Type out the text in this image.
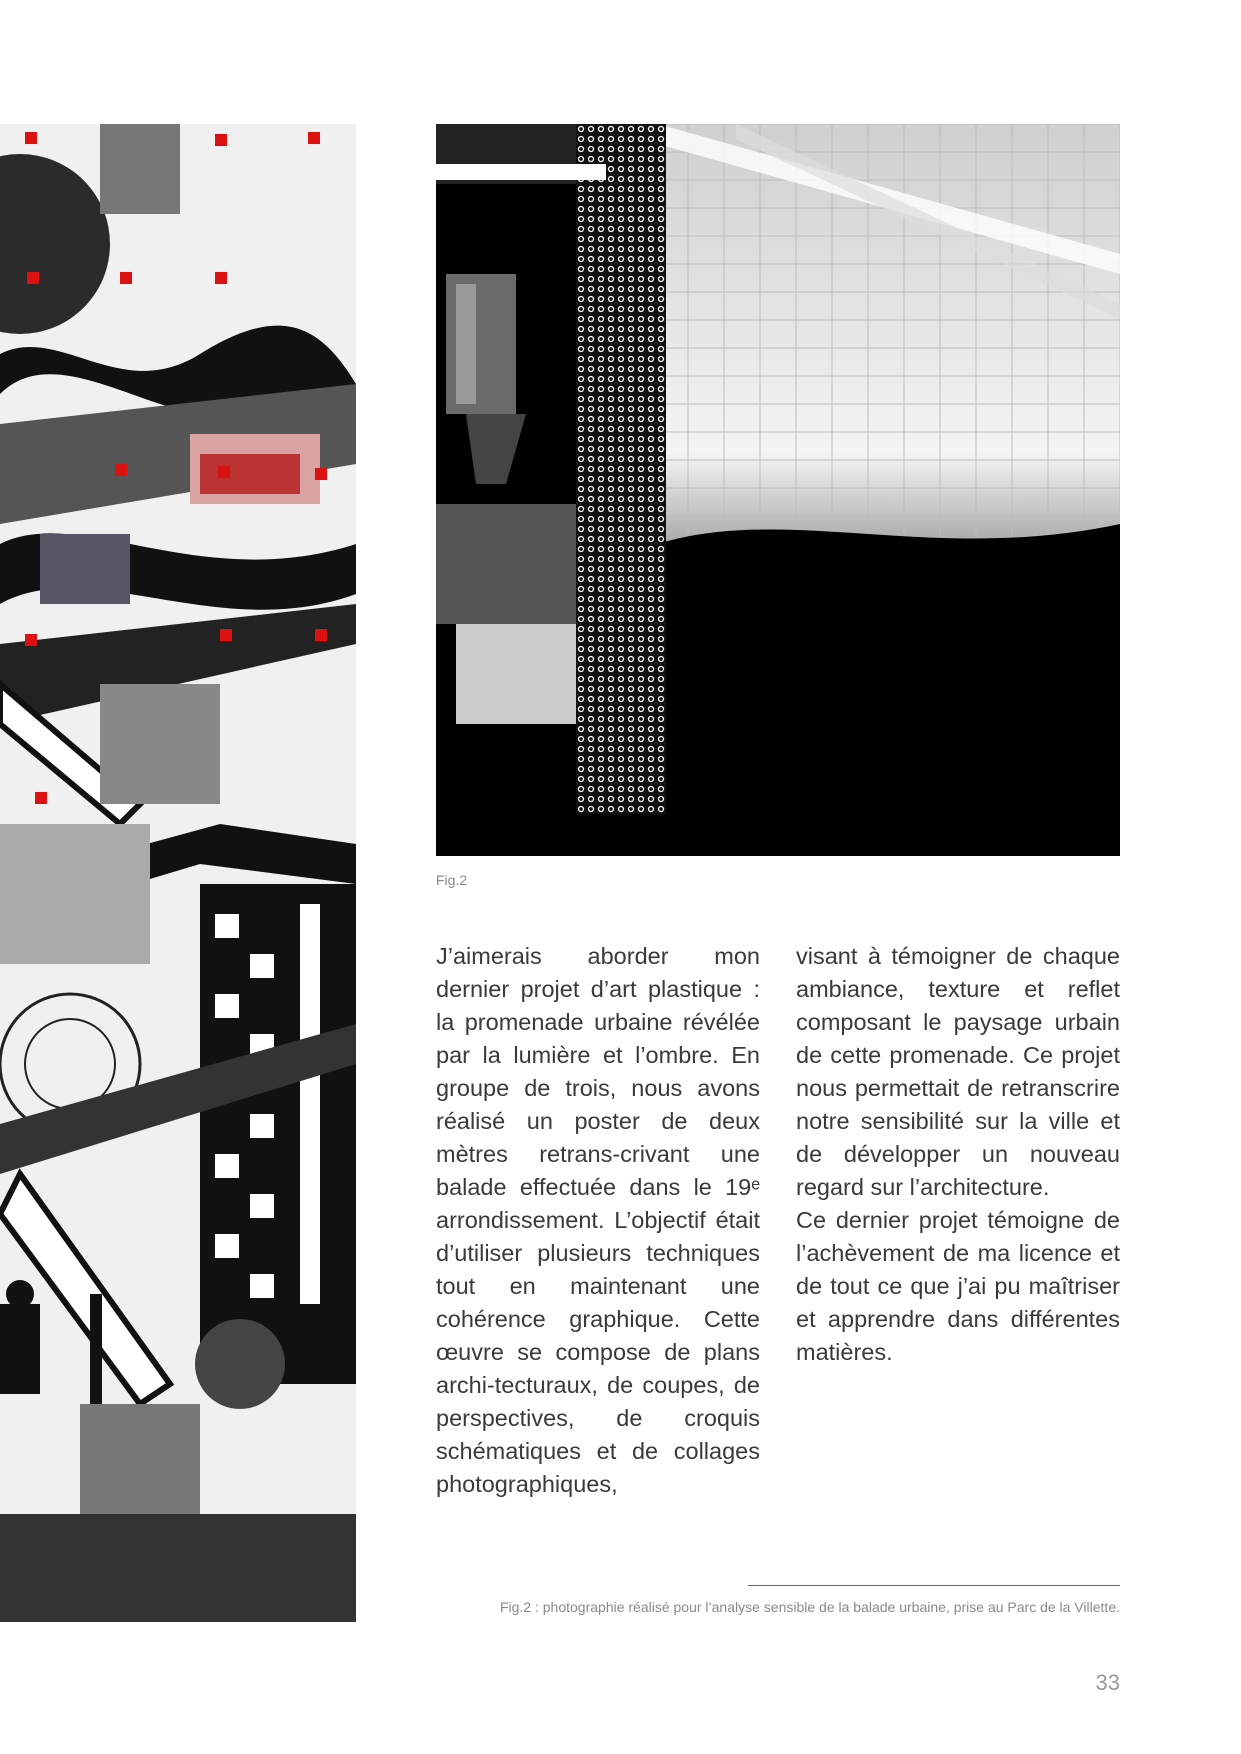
Fig.2

J’aimerais aborder mon dernier projet d’art plastique : la promenade urbaine révélée par la lumière et l’ombre. En groupe de trois, nous avons réalisé un poster de deux mètres retrans-crivant une balade effectuée dans le 19ᵉ arrondissement. L’objectif était d’utiliser plusieurs techniques tout en maintenant une cohérence graphique. Cette œuvre se compose de plans archi-tecturaux, de coupes, de perspectives, de croquis schématiques et de collages photographiques,

visant à témoigner de chaque ambiance, texture et reflet composant le paysage urbain de cette promenade. Ce projet nous permettait de retranscrire notre sensibilité sur la ville et de développer un nouveau regard sur l’architecture.

Ce dernier projet témoigne de l’achèvement de ma licence et de tout ce que j’ai pu maîtriser et apprendre dans différentes matières.

Fig.2 : photographie réalisé pour l’analyse sensible de la balade urbaine, prise au Parc de la Villette.
33
